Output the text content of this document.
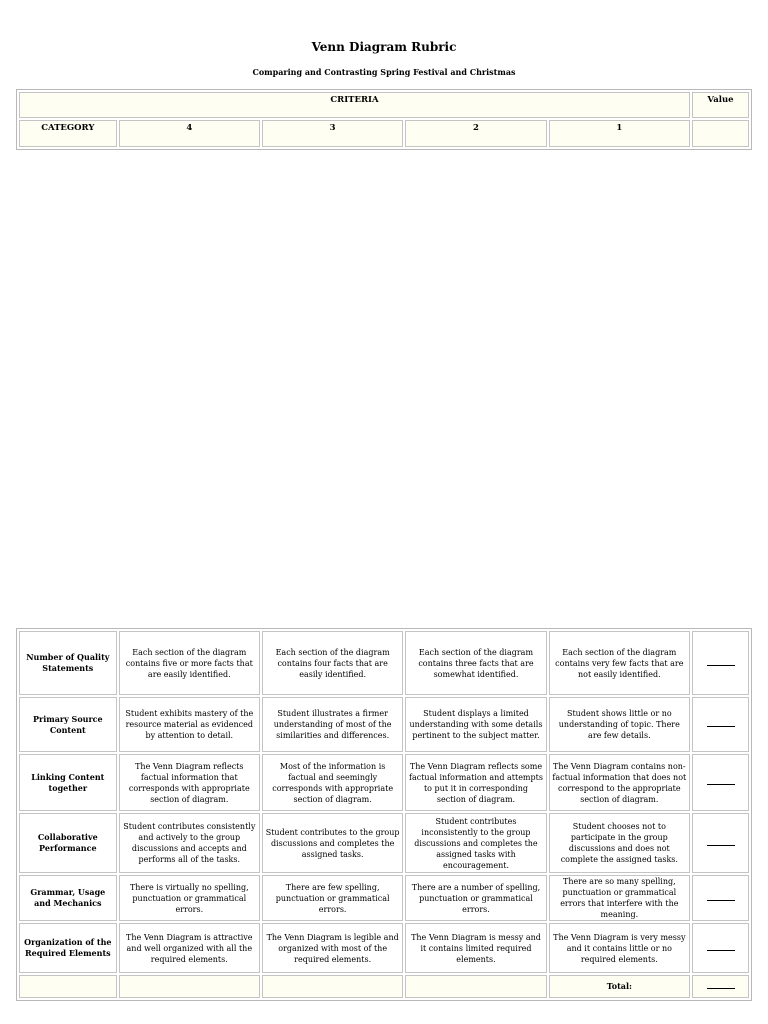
Venn Diagram Rubric
Comparing and Contrasting Spring Festival and Christmas
CRITERIA					Value
CATEGORY	4	3	2	1	
Number of Quality Statements	Each section of the diagram contains five or more facts that are easily identified.	Each section of the diagram contains four facts that are easily identified.	Each section of the diagram contains three facts that are somewhat identified.	Each section of the diagram contains very few facts that are not easily identified.	
Primary Source Content	Student exhibits mastery of the resource material as evidenced by attention to detail.	Student illustrates a firmer understanding of most of the similarities and differences.	Student displays a limited understanding with some details pertinent to the subject matter.	Student shows little or no understanding of topic. There are few details.	
Linking Content together	The Venn Diagram reflects factual information that corresponds with appropriate section of diagram.	Most of the information is factual and seemingly corresponds with appropriate section of diagram.	The Venn Diagram reflects some factual information and attempts to put it in corresponding section of diagram.	The Venn Diagram contains non-factual information that does not correspond to the appropriate section of diagram.	
Collaborative Performance	Student contributes consistently and actively to the group discussions and accepts and performs all of the tasks.	Student contributes to the group discussions and completes the assigned tasks.	Student contributes inconsistently to the group discussions and completes the assigned tasks with encouragement.	Student chooses not to participate in the group discussions and does not complete the assigned tasks.	
Grammar, Usage and Mechanics	There is virtually no spelling, punctuation or grammatical errors.	There are few spelling, punctuation or grammatical errors.	There are a number of spelling, punctuation or grammatical errors.	There are so many spelling, punctuation or grammatical errors that interfere with the meaning.	
Organization of the Required Elements	The Venn Diagram is attractive and well organized with all the required elements.	The Venn Diagram is legible and organized with most of the required elements.	The Venn Diagram is messy and it contains limited required elements.	The Venn Diagram is very messy and it contains little or no required elements.	
				Total:	
